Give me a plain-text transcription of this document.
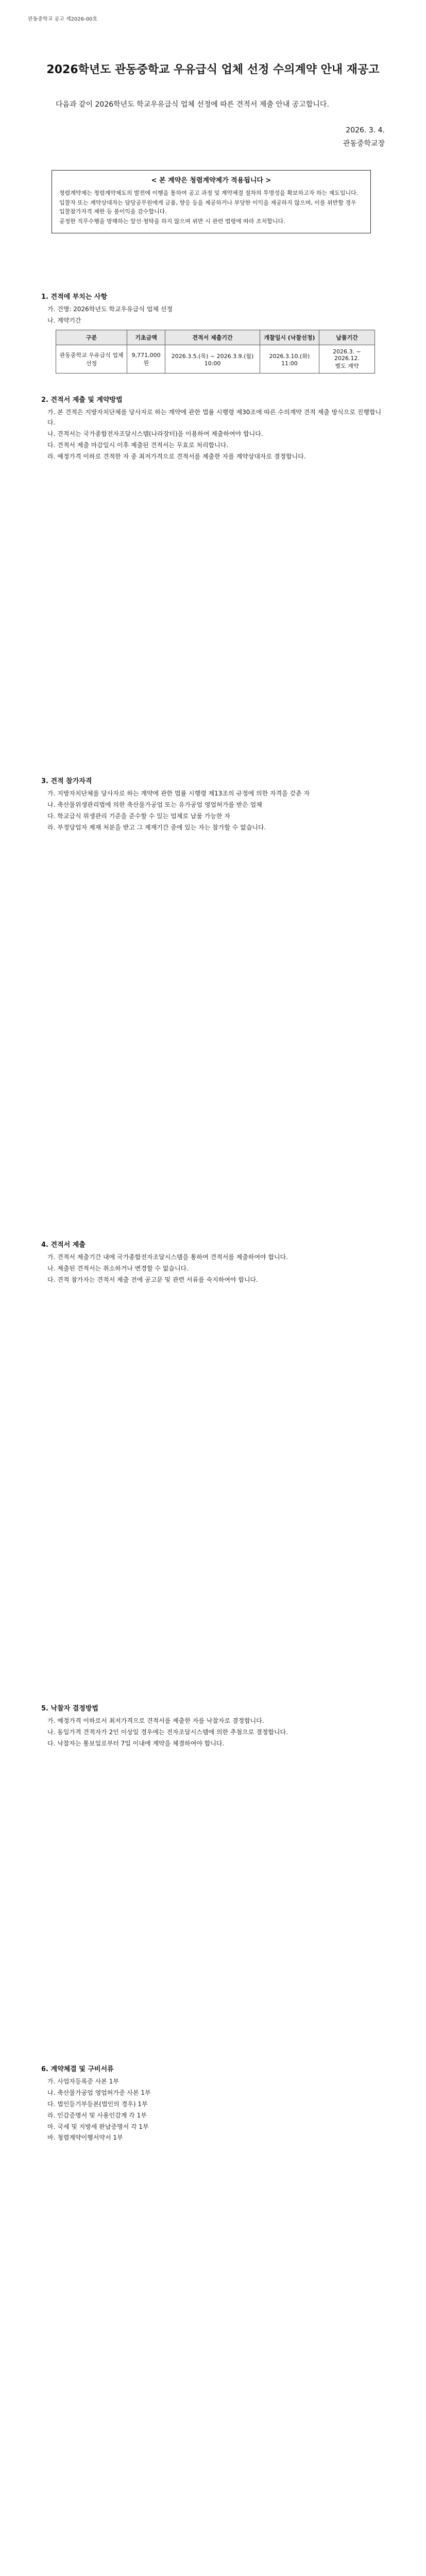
관동중학교 공고 제2026-00호
2026학년도 관동중학교 우유급식 업체 선정 수의계약 안내 재공고
다음과 같이 2026학년도 학교우유급식 업체 선정에 따른 견적서 제출 안내 공고합니다.
2026. 3. 4.
관동중학교장
< 본 계약은 청렴계약제가 적용됩니다 >

청렴계약제는 청렴계약제도의 발전에 이행을 통하여 공고 과정 및 계약체결 절차의 투명성을 확보하고자 하는 제도입니다.

입찰자 또는 계약상대자는 담당공무원에게 금품, 향응 등을 제공하거나 부당한 이익을 제공하지 않으며, 이를 위반할 경우 입찰참가자격 제한 등 불이익을 감수합니다.

공정한 직무수행을 방해하는 알선·청탁을 하지 않으며 위반 시 관련 법령에 따라 조치합니다.

1. 견적에 부치는 사항

가. 건명: 2026학년도 학교우유급식 업체 선정

나. 계약기간

구분	기초금액	견적서 제출기간	개찰일시 (낙찰선정)	납품기간
관동중학교 우유급식 업체 선정	9,771,000원	2026.3.5.(목) ~ 2026.3.9.(월) 10:00	2026.3.10.(화) 11:00	2026.3. ~ 2026.12.
별도 계약
2. 견적서 제출 및 계약방법

가. 본 견적은 지방자치단체를 당사자로 하는 계약에 관한 법률 시행령 제30조에 따른 수의계약 견적 제출 방식으로 진행합니다.

나. 견적서는 국가종합전자조달시스템(나라장터)을 이용하여 제출하여야 합니다.

다. 견적서 제출 마감일시 이후 제출된 견적서는 무효로 처리합니다.

라. 예정가격 이하로 견적한 자 중 최저가격으로 견적서를 제출한 자를 계약상대자로 결정합니다.

3. 견적 참가자격

가. 지방자치단체를 당사자로 하는 계약에 관한 법률 시행령 제13조의 규정에 의한 자격을 갖춘 자

나. 축산물위생관리법에 의한 축산물가공업 또는 유가공업 영업허가를 받은 업체

다. 학교급식 위생관리 기준을 준수할 수 있는 업체로 납품 가능한 자

라. 부정당업자 제재 처분을 받고 그 제재기간 중에 있는 자는 참가할 수 없습니다.

4. 견적서 제출

가. 견적서 제출기간 내에 국가종합전자조달시스템을 통하여 견적서를 제출하여야 합니다.

나. 제출된 견적서는 취소하거나 변경할 수 없습니다.

다. 견적 참가자는 견적서 제출 전에 공고문 및 관련 서류를 숙지하여야 합니다.

5. 낙찰자 결정방법

가. 예정가격 이하로서 최저가격으로 견적서를 제출한 자를 낙찰자로 결정합니다.

나. 동일가격 견적자가 2인 이상일 경우에는 전자조달시스템에 의한 추첨으로 결정합니다.

다. 낙찰자는 통보일로부터 7일 이내에 계약을 체결하여야 합니다.

6. 계약체결 및 구비서류

가. 사업자등록증 사본 1부

나. 축산물가공업 영업허가증 사본 1부

다. 법인등기부등본(법인의 경우) 1부

라. 인감증명서 및 사용인감계 각 1부

마. 국세 및 지방세 완납증명서 각 1부

바. 청렴계약이행서약서 1부
